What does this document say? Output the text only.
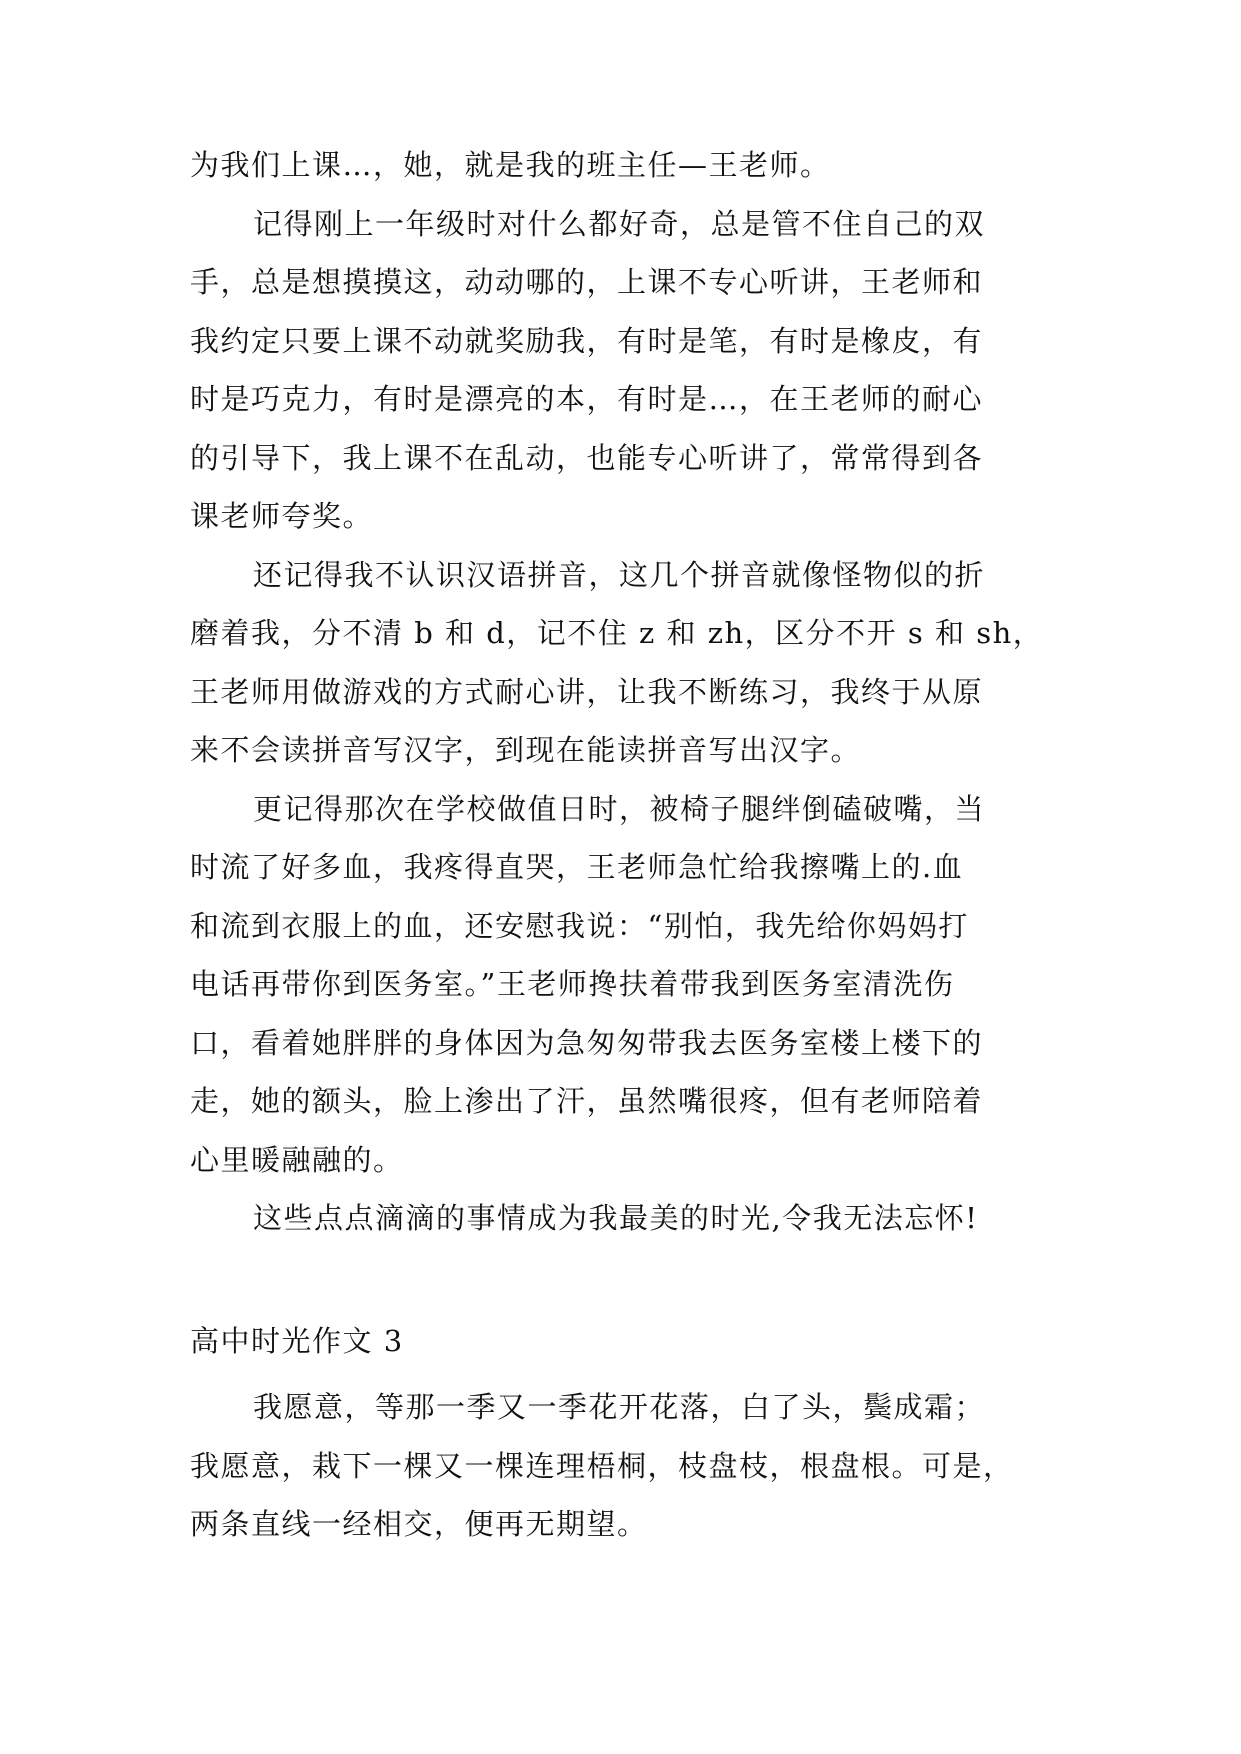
为我们上课…，她，就是我的班主任—王老师。
记得刚上一年级时对什么都好奇，总是管不住自己的双
手，总是想摸摸这，动动哪的，上课不专心听讲，王老师和
我约定只要上课不动就奖励我，有时是笔，有时是橡皮，有
时是巧克力，有时是漂亮的本，有时是…，在王老师的耐心
的引导下，我上课不在乱动，也能专心听讲了，常常得到各
课老师夸奖。
还记得我不认识汉语拼音，这几个拼音就像怪物似的折
磨着我，分不清 b 和 d，记不住 z 和 zh，区分不开 s 和 sh，
王老师用做游戏的方式耐心讲，让我不断练习，我终于从原
来不会读拼音写汉字，到现在能读拼音写出汉字。
更记得那次在学校做值日时，被椅子腿绊倒磕破嘴，当
时流了好多血，我疼得直哭，王老师急忙给我擦嘴上的.血
和流到衣服上的血，还安慰我说：“别怕，我先给你妈妈打
电话再带你到医务室。”王老师搀扶着带我到医务室清洗伤
口，看着她胖胖的身体因为急匆匆带我去医务室楼上楼下的
走，她的额头，脸上渗出了汗，虽然嘴很疼，但有老师陪着
心里暖融融的。
这些点点滴滴的事情成为我最美的时光,令我无法忘怀!
高中时光作文 3
我愿意，等那一季又一季花开花落，白了头，鬓成霜；
我愿意，栽下一棵又一棵连理梧桐，枝盘枝，根盘根。可是，
两条直线一经相交，便再无期望。
